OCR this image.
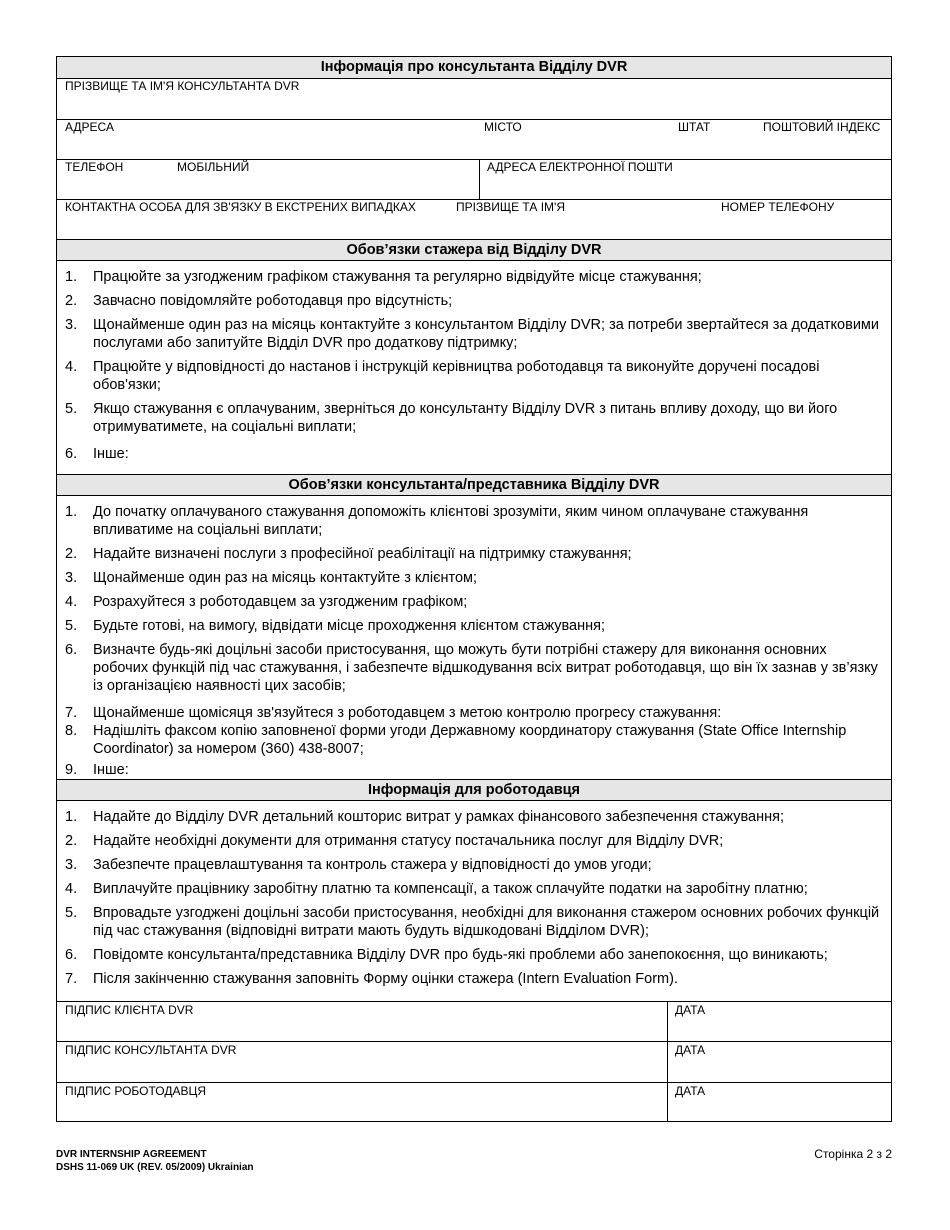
Інформація про консультанта Відділу DVR
ПРІЗВИЩЕ ТА ІМ'Я КОНСУЛЬТАНТА DVR
АДРЕСА	МІСТО	ШТАТ	ПОШТОВИЙ ІНДЕКС
ТЕЛЕФОН	МОБІЛЬНИЙ	АДРЕСА ЕЛЕКТРОННОЇ ПОШТИ
КОНТАКТНА ОСОБА ДЛЯ ЗВ'ЯЗКУ В ЕКСТРЕНИХ ВИПАДКАХ	ПРІЗВИЩЕ ТА ІМ'Я	НОМЕР ТЕЛЕФОНУ
Обов’язки стажера від Відділу DVR
1.	Працюйте за узгодженим графіком стажування та регулярно відвідуйте місце стажування;
2.	Завчасно повідомляйте роботодавця про відсутність;
3.	Щонайменше один раз на місяць контактуйте з консультантом Відділу DVR; за потреби звертайтеся за додатковими послугами або запитуйте Відділ DVR про додаткову підтримку;
4.	Працюйте у відповідності до настанов і інструкцій керівництва роботодавця та виконуйте доручені посадові обов'язки;
5.	Якщо стажування є оплачуваним, зверніться до консультанту Відділу DVR з питань впливу доходу, що ви його отримуватимете, на соціальні виплати;
6.	Інше:
Обов’язки консультанта/представника Відділу DVR
1.	До початку оплачуваного стажування допоможіть клієнтові зрозуміти, яким чином оплачуване стажування впливатиме на соціальні виплати;
2.	Надайте визначені послуги з професійної реабілітації на підтримку стажування;
3.	Щонайменше один раз на місяць контактуйте з клієнтом;
4.	Розрахуйтеся з роботодавцем за узгодженим графіком;
5.	Будьте готові, на вимогу, відвідати місце проходження клієнтом стажування;
6.	Визначте будь-які доцільні засоби пристосування, що можуть бути потрібні стажеру для виконання основних робочих функцій під час стажування, і забезпечте відшкодування всіх витрат роботодавця, що він їх зазнав у зв’язку із організацією наявності цих засобів;
7.	Щонайменше щомісяця зв'язуйтеся з роботодавцем з метою контролю прогресу стажування:
8.	Надішліть факсом копію заповненої форми угоди Державному координатору стажування (State Office Internship Coordinator) за номером (360) 438-8007;
9.	Інше:
Інформація для роботодавця
1.	Надайте до Відділу DVR детальний кошторис витрат у рамках фінансового забезпечення стажування;
2.	Надайте необхідні документи для отримання статусу постачальника послуг для Відділу DVR;
3.	Забезпечте працевлаштування та контроль стажера у відповідності до умов угоди;
4.	Виплачуйте працівнику заробітну платню та компенсації, а також сплачуйте податки на заробітну платню;
5.	Впровадьте узгоджені доцільні засоби пристосування, необхідні для виконання стажером основних робочих функцій під час стажування (відповідні витрати мають будуть відшкодовані Відділом DVR);
6.	Повідомте консультанта/представника Відділу DVR про будь-які проблеми або занепокоєння, що виникають;
7.	Після закінченню стажування заповніть Форму оцінки стажера (Intern Evaluation Form).
ПІДПИС КЛІЄНТА DVR	ДАТА
ПІДПИС КОНСУЛЬТАНТА DVR	ДАТА
ПІДПИС РОБОТОДАВЦЯ	ДАТА
DVR INTERNSHIP AGREEMENT
DSHS 11-069 UK (REV. 05/2009) Ukrainian
Сторінка 2 з 2
